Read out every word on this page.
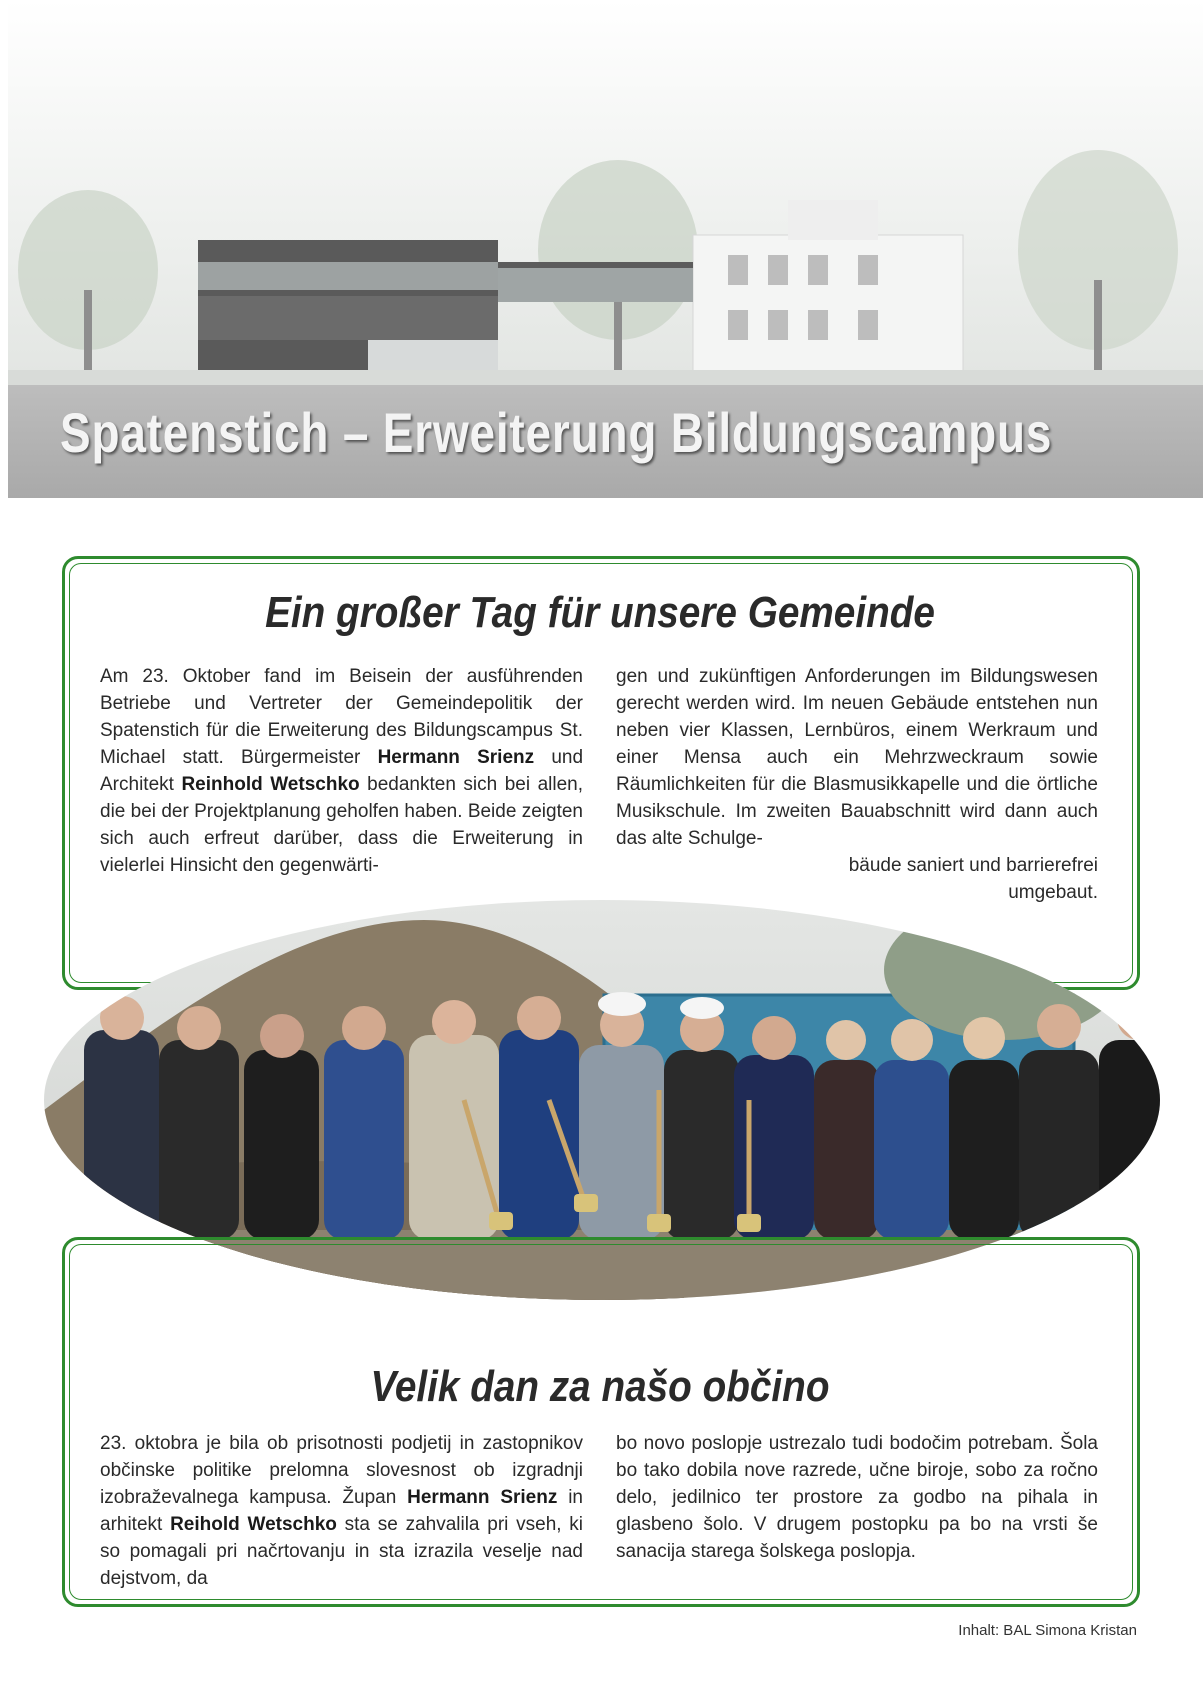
Spatenstich – Erweiterung Bildungscampus
Ein großer Tag für unsere Gemeinde

Am 23. Oktober fand im Beisein der ausführenden Betriebe und Vertreter der Gemeindepolitik der Spatenstich für die Erweiterung des Bildungscampus St. Michael statt. Bürgermeister Hermann Srienz und Architekt Reinhold Wetschko bedankten sich bei allen, die bei der Projektplanung geholfen haben. Beide zeigten sich auch erfreut darüber, dass die Erweiterung in vielerlei Hinsicht den gegenwärti-

gen und zukünftigen Anforderungen im Bildungswesen gerecht werden wird. Im neuen Gebäude entstehen nun neben vier Klassen, Lernbüros, einem Werkraum und einer Mensa auch ein Mehrzweckraum sowie Räumlichkeiten für die Blasmusikkapelle und die örtliche Musikschule. Im zweiten Bauabschnitt wird dann auch das alte Schulge-

bäude saniert und barrierefrei

umgebaut.

Velik dan za našo občino

23. oktobra je bila ob prisotnosti podjetij in zastopnikov občinske politike prelomna slovesnost ob izgradnji izobraževalnega kampusa. Župan Hermann Srienz in arhitekt Reihold Wetschko sta se zahvalila pri vseh, ki so pomagali pri načrtovanju in sta izrazila veselje nad dejstvom, da

bo novo poslopje ustrezalo tudi bodočim potrebam. Šola bo tako dobila nove razrede, učne biroje, sobo za ročno delo, jedilnico ter prostore za godbo na pihala in glasbeno šolo. V drugem postopku pa bo na vrsti še sanacija starega šolskega poslopja.

Inhalt: BAL Simona Kristan
